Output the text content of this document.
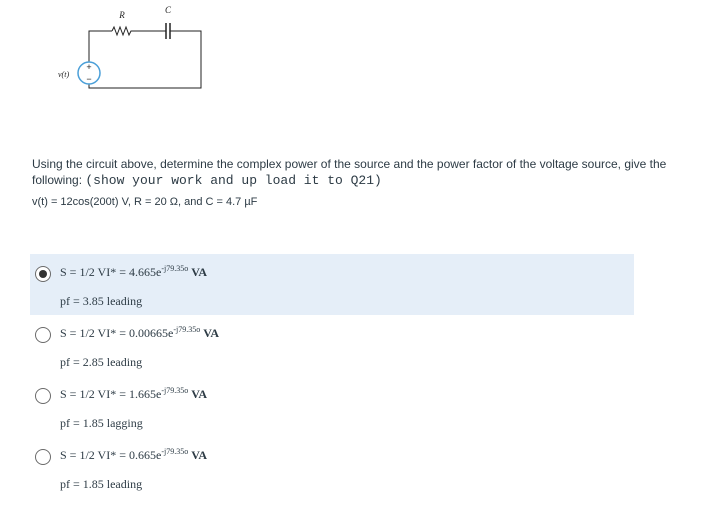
+
−
R	C
v(t)
Using the circuit above, determine the complex power of the source and the power factor of the voltage source, give the following: (show your work and up load it to Q21)
v(t) = 12cos(200t) V, R = 20 Ω, and C = 4.7 µF
S = 1/2 $VI* = 4.665e^{-j79.35o}$ VA
pf = 3.85 leading
S = 1/2 $VI* = 0.00665e^{-j79.35o}$ VA
pf = 2.85 leading
S = 1/2 $VI* = 1.665e^{-j79.35o}$ VA
pf = 1.85 lagging
S = 1/2 $VI* = 0.665e^{-j79.35o}$ VA
pf = 1.85 leading
